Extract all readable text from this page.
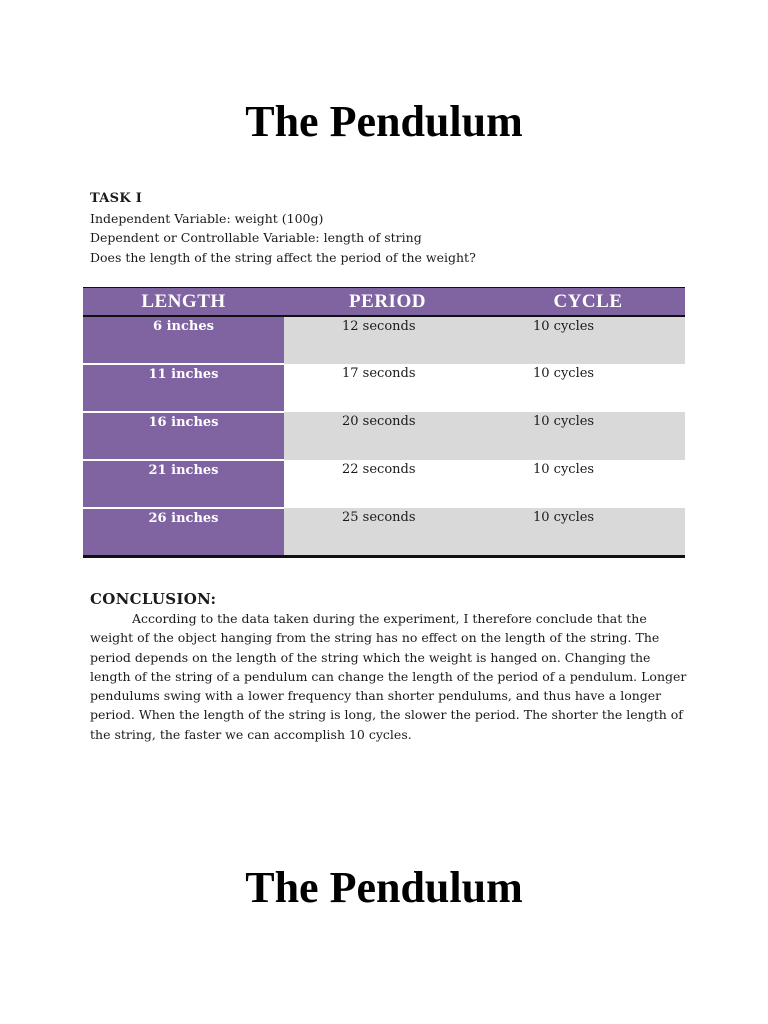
The Pendulum
TASK I
Independent Variable: weight (100g)
Dependent or Controllable Variable: length of string
Does the length of the string affect the period of the weight?
LENGTH	PERIOD	CYCLE
6 inches	12 seconds	10 cycles
11 inches	17 seconds	10 cycles
16 inches	20 seconds	10 cycles
21 inches	22 seconds	10 cycles
26 inches	25 seconds	10 cycles
CONCLUSION:

According to the data taken during the experiment, I therefore conclude that the weight of the object hanging from the string has no effect on the length of the string. The period depends on the length of the string which the weight is hanged on. Changing the length of the string of a pendulum can change the length of the period of a pendulum. Longer pendulums swing with a lower frequency than shorter pendulums, and thus have a longer period. When the length of the string is long, the slower the period. The shorter the length of the string, the faster we can accomplish 10 cycles.

The Pendulum
